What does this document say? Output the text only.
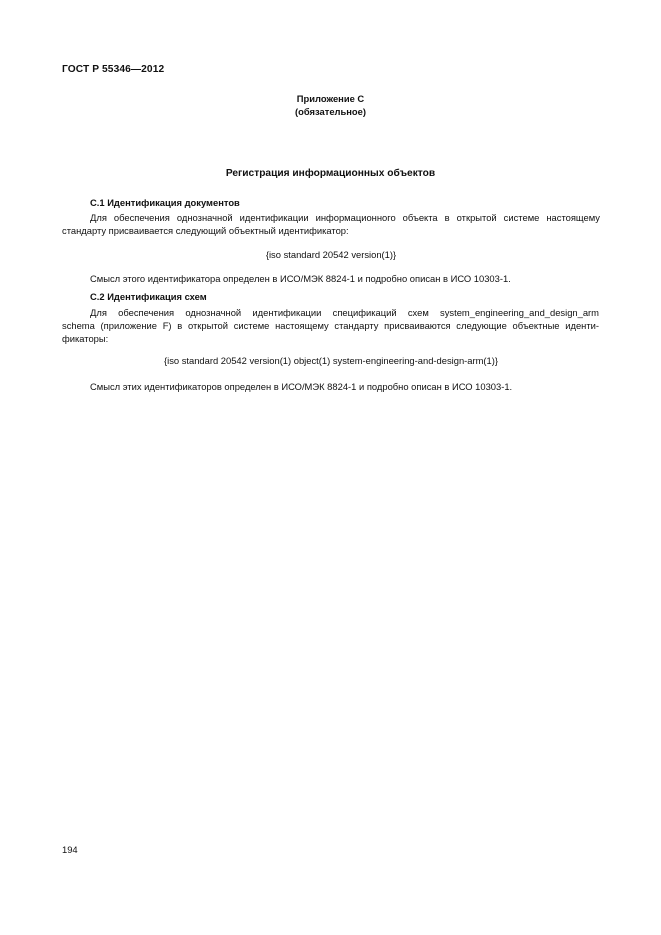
ГОСТ Р 55346—2012
Приложение С
(обязательное)
Регистрация информационных объектов
С.1 Идентификация документов
Для обеспечения однозначной идентификации информационного объекта в открытой системе настоящему
стандарту присваивается следующий объектный идентификатор:
{iso standard 20542 version(1)}
Смысл этого идентификатора определен в ИСО/МЭК 8824-1 и подробно описан в ИСО 10303-1.
С.2 Идентификация схем
Для обеспечения однозначной идентификации спецификаций схем system_engineering_and_design_arm
schema (приложение F) в открытой системе настоящему стандарту присваиваются следующие объектные иденти-
фикаторы:
{iso standard 20542 version(1) object(1) system-engineering-and-design-arm(1)}
Смысл этих идентификаторов определен в ИСО/МЭК 8824-1 и подробно описан в ИСО 10303-1.
194
